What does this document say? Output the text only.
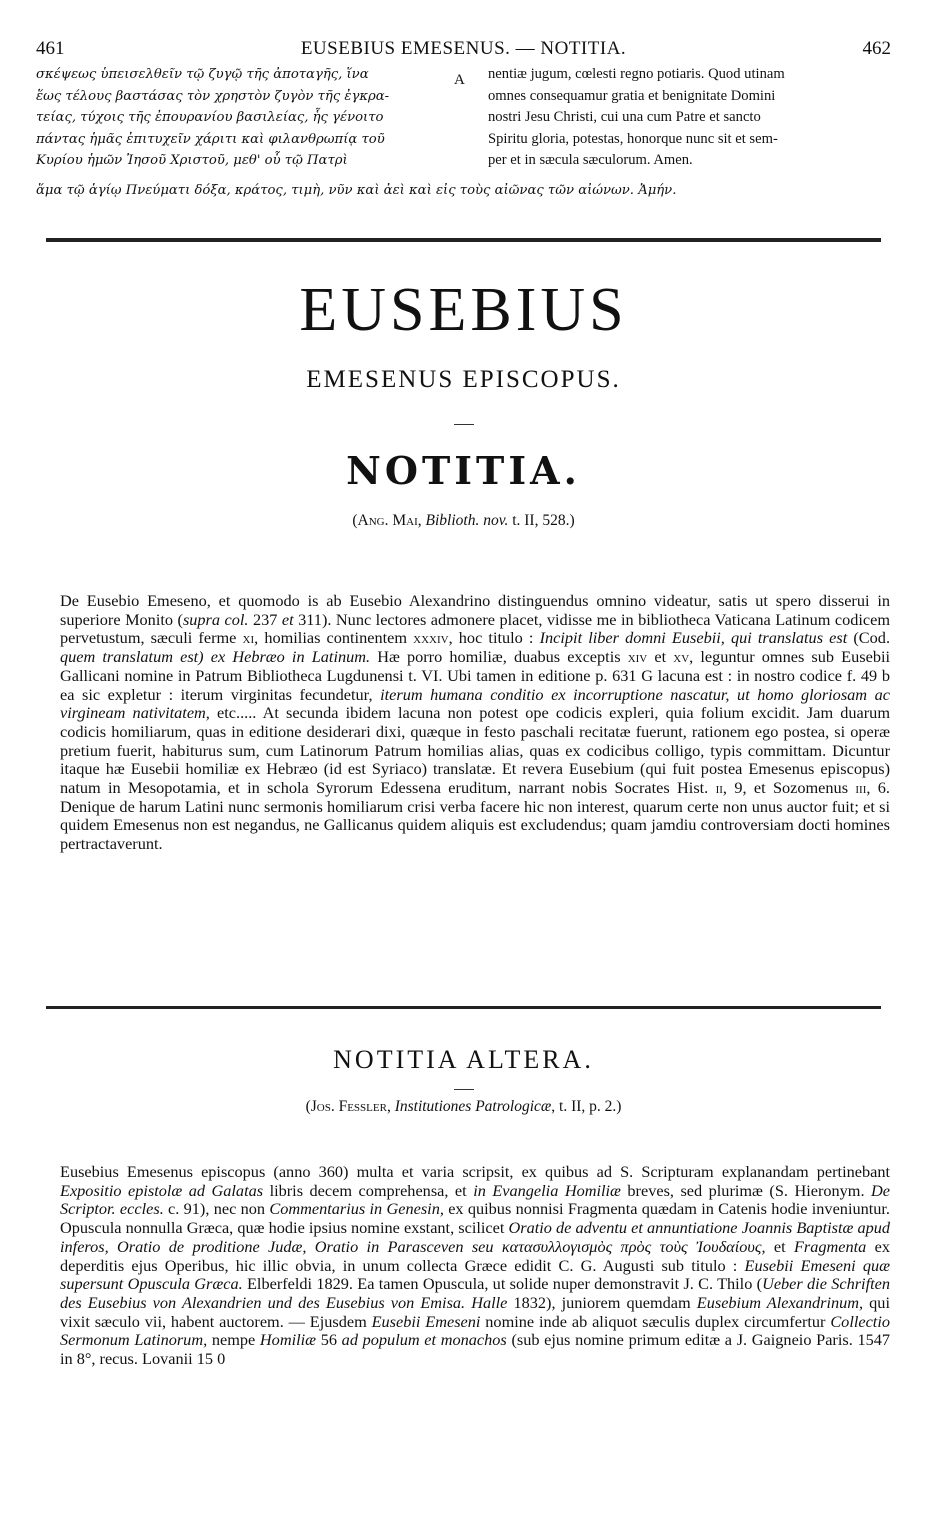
461	EUSEBIUS EMESENUS. — NOTITIA.	462
σκέψεως ὑπεισελθεῖν τῷ ζυγῷ τῆς ἀποταγῆς, ἵνα
ἕως τέλους βαστάσας τὸν χρηστὸν ζυγὸν τῆς ἐγκρα-
τείας, τύχοις τῆς ἐπουρανίου βασιλείας, ἧς γένοιτο
πάντας ἡμᾶς ἐπιτυχεῖν χάριτι καὶ φιλανθρωπίᾳ τοῦ
Κυρίου ἡμῶν Ἰησοῦ Χριστοῦ, μεθ' οὗ τῷ Πατρὶ
A nentiæ jugum, cœlesti regno potiaris. Quod utinam
omnes consequamur gratia et benignitate Domini
nostri Jesu Christi, cui una cum Patre et sancto
Spiritu gloria, potestas, honorque nunc sit et sem-
per et in sæcula sæculorum. Amen.
ἅμα τῷ ἁγίῳ Πνεύματι δόξα, κράτος, τιμὴ, νῦν καὶ ἀεὶ καὶ εἰς τοὺς αἰῶνας τῶν αἰώνων. Ἀμήν.
EUSEBIUS
EMESENUS EPISCOPUS.
NOTITIA.
(Ang. Mai, Biblioth. nov. t. II, 528.)

De Eusebio Emeseno, et quomodo is ab Eusebio Alexandrino distinguendus omnino videatur, satis ut spero disserui in superiore Monito (supra col. 237 et 311). Nunc lectores admonere placet, vidisse me in bibliotheca Vaticana Latinum codicem pervetustum, sæculi ferme xi, homilias continentem xxxiv, hoc titulo : Incipit liber domni Eusebii, qui translatus est (Cod. quem translatum est) ex Hebræo in Latinum. Hæ porro homiliæ, duabus exceptis xiv et xv, leguntur omnes sub Eusebii Gallicani nomine in Patrum Bibliotheca Lugdunensi t. VI. Ubi tamen in editione p. 631 G lacuna est : in nostro codice f. 49 b ea sic expletur : iterum virginitas fecundetur, iterum humana conditio ex incorruptione nascatur, ut homo gloriosam ac virgineam nativitatem, etc..... At secunda ibidem lacuna non potest ope codicis expleri, quia folium excidit. Jam duarum codicis homiliarum, quas in editione desiderari dixi, quæque in festo paschali recitatæ fuerunt, rationem ego postea, si operæ pretium fuerit, habiturus sum, cum Latinorum Patrum homilias alias, quas ex codicibus colligo, typis committam. Dicuntur itaque hæ Eusebii homiliæ ex Hebræo (id est Syriaco) translatæ. Et revera Eusebium (qui fuit postea Emesenus episcopus) natum in Mesopotamia, et in schola Syrorum Edessena eruditum, narrant nobis Socrates Hist. ii, 9, et Sozomenus iii, 6. Denique de harum Latini nunc sermonis homiliarum crisi verba facere hic non interest, quarum certe non unus auctor fuit; et si quidem Emesenus non est negandus, ne Gallicanus quidem aliquis est excludendus; quam jamdiu controversiam docti homines pertractaverunt.

NOTITIA ALTERA.
(Jos. Fessler, Institutiones Patrologicæ, t. II, p. 2.)

Eusebius Emesenus episcopus (anno 360) multa et varia scripsit, ex quibus ad S. Scripturam explanandam pertinebant Expositio epistolæ ad Galatas libris decem comprehensa, et in Evangelia Homiliæ breves, sed plurimæ (S. Hieronym. De Scriptor. eccles. c. 91), nec non Commentarius in Genesin, ex quibus nonnisi Fragmenta quædam in Catenis hodie inveniuntur. Opuscula nonnulla Græca, quæ hodie ipsius nomine exstant, scilicet Oratio de adventu et annuntiatione Joannis Baptistæ apud inferos, Oratio de proditione Judæ, Oratio in Parasceven seu κατασυλλογισμὸς πρὸς τοὺς Ἰουδαίους, et Fragmenta ex deperditis ejus Operibus, hic illic obvia, in unum collecta Græce edidit C. G. Augusti sub titulo : Eusebii Emeseni quæ supersunt Opuscula Græca. Elberfeldi 1829. Ea tamen Opuscula, ut solide nuper demonstravit J. C. Thilo (Ueber die Schriften des Eusebius von Alexandrien und des Eusebius von Emisa. Halle 1832), juniorem quemdam Eusebium Alexandrinum, qui vixit sæculo vii, habent auctorem. — Ejusdem Eusebii Emeseni nomine inde ab aliquot sæculis duplex circumfertur Collectio Sermonum Latinorum, nempe Homiliæ 56 ad populum et monachos (sub ejus nomine primum editæ a J. Gaigneio Paris. 1547 in 8°, recus. Lovanii 15 0
